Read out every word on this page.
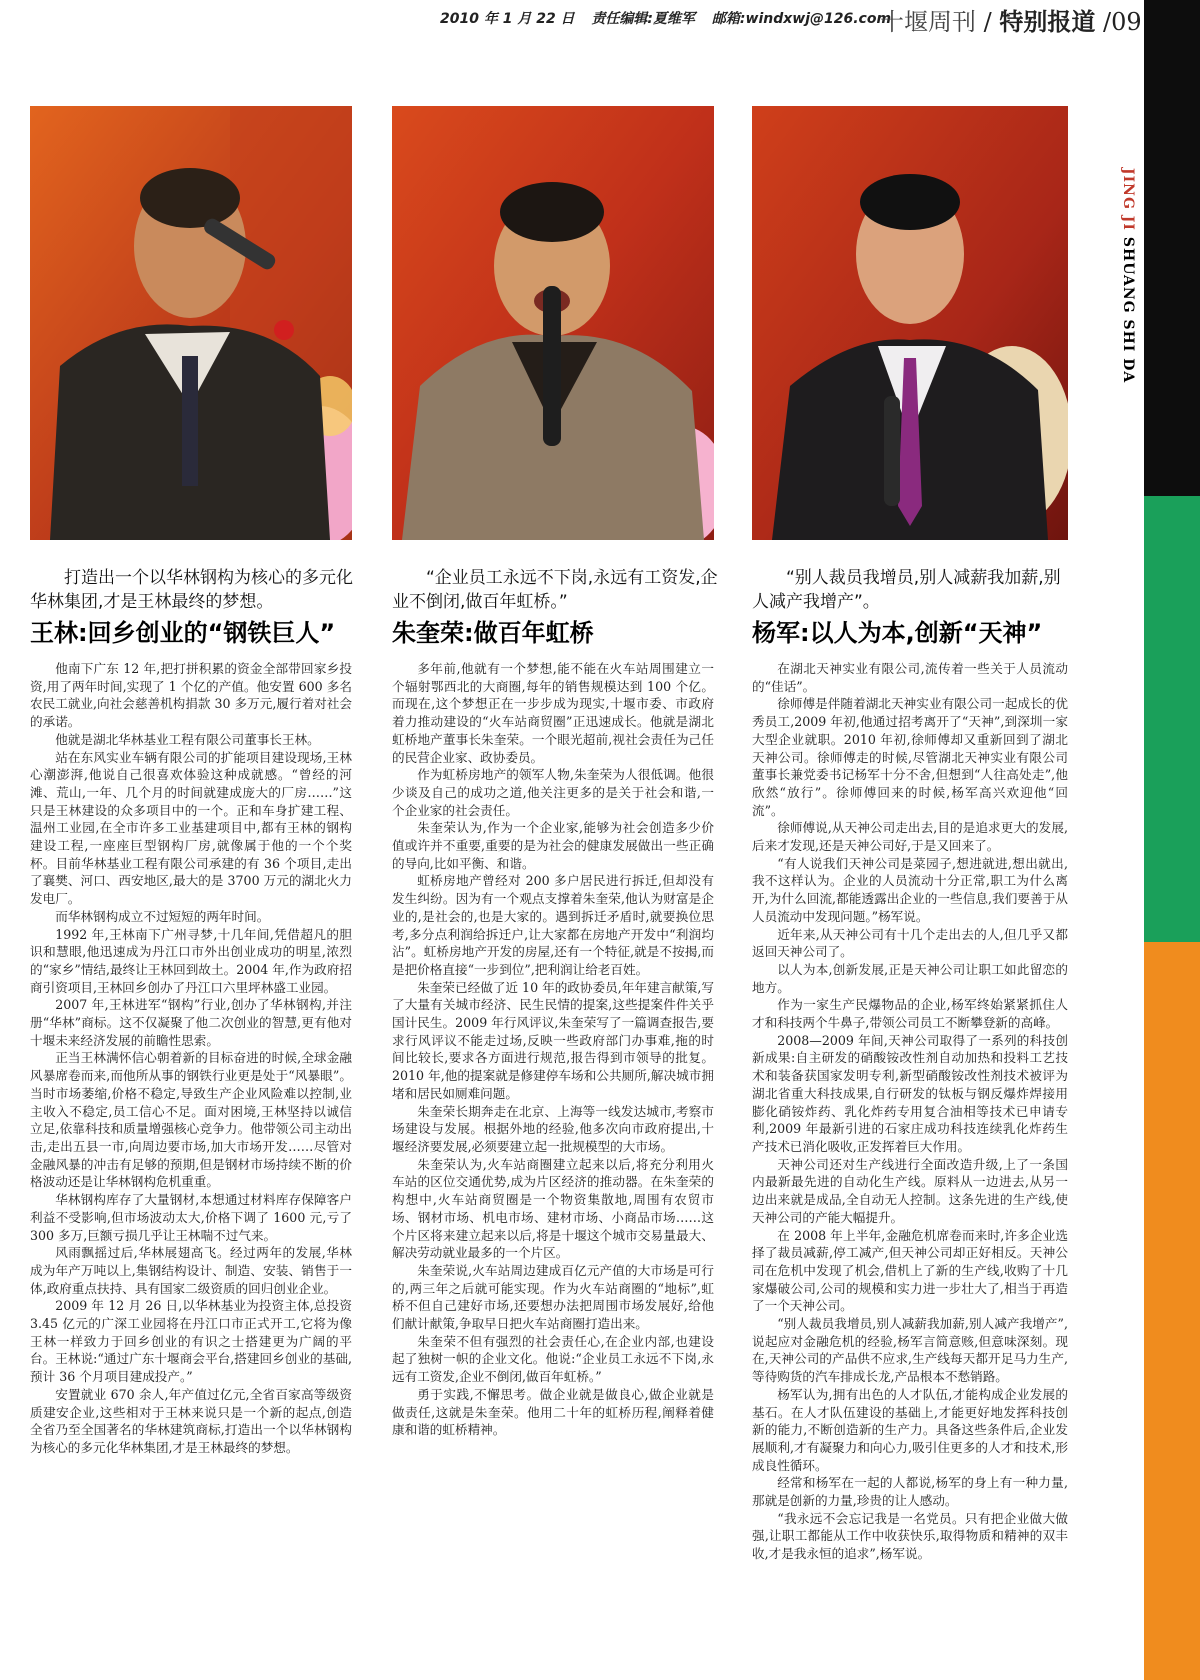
2010 年 1 月 22 日 责任编辑:夏维军 邮箱:windxwj@126.com
十堰周刊 / 特别报道 /09
JING JI SHUANG SHI DA

打造出一个以华林钢构为核心的多元化华林集团,才是王林最终的梦想。

王林:回乡创业的“钢铁巨人”

“企业员工永远不下岗,永远有工资发,企业不倒闭,做百年虹桥。”

朱奎荣:做百年虹桥

“别人裁员我增员,别人减薪我加薪,别人减产我增产”。

杨军:以人为本,创新“天神”

他南下广东 12 年,把打拼积累的资金全部带回家乡投资,用了两年时间,实现了 1 个亿的产值。他安置 600 多名农民工就业,向社会慈善机构捐款 30 多万元,履行着对社会的承诺。

他就是湖北华林基业工程有限公司董事长王林。

站在东风实业车辆有限公司的扩能项目建设现场,王林心潮澎湃,他说自己很喜欢体验这种成就感。“曾经的河滩、荒山,一年、几个月的时间就建成庞大的厂房……”这只是王林建设的众多项目中的一个。正和车身扩建工程、温州工业园,在全市许多工业基建项目中,都有王林的钢构建设工程,一座座巨型钢构厂房,就像属于他的一个个奖杯。目前华林基业工程有限公司承建的有 36 个项目,走出了襄樊、河口、西安地区,最大的是 3700 万元的湖北火力发电厂。

而华林钢构成立不过短短的两年时间。

1992 年,王林南下广州寻梦,十几年间,凭借超凡的胆识和慧眼,他迅速成为丹江口市外出创业成功的明星,浓烈的“家乡”情结,最终让王林回到故土。2004 年,作为政府招商引资项目,王林回乡创办了丹江口六里坪林盛工业园。

2007 年,王林进军“钢构”行业,创办了华林钢构,并注册“华林”商标。这不仅凝聚了他二次创业的智慧,更有他对十堰未来经济发展的前瞻性思索。

正当王林满怀信心朝着新的目标奋进的时候,全球金融风暴席卷而来,而他所从事的钢铁行业更是处于“风暴眼”。当时市场萎缩,价格不稳定,导致生产企业风险难以控制,业主收入不稳定,员工信心不足。面对困境,王林坚持以诚信立足,依靠科技和质量增强核心竞争力。他带领公司主动出击,走出五县一市,向周边要市场,加大市场开发……尽管对金融风暴的冲击有足够的预期,但是钢材市场持续不断的价格波动还是让华林钢构危机重重。

华林钢构库存了大量钢材,本想通过材料库存保障客户利益不受影响,但市场波动太大,价格下调了 1600 元,亏了 300 多万,巨额亏损几乎让王林喘不过气来。

风雨飘摇过后,华林展翅高飞。经过两年的发展,华林成为年产万吨以上,集钢结构设计、制造、安装、销售于一体,政府重点扶持、具有国家二级资质的回归创业企业。

2009 年 12 月 26 日,以华林基业为投资主体,总投资 3.45 亿元的广深工业园将在丹江口市正式开工,它将为像王林一样致力于回乡创业的有识之士搭建更为广阔的平台。王林说:“通过广东十堰商会平台,搭建回乡创业的基础,预计 36 个月项目建成投产。”

安置就业 670 余人,年产值过亿元,全省百家高等级资质建安企业,这些相对于王林来说只是一个新的起点,创造全省乃至全国著名的华林建筑商标,打造出一个以华林钢构为核心的多元化华林集团,才是王林最终的梦想。

多年前,他就有一个梦想,能不能在火车站周围建立一个辐射鄂西北的大商圈,每年的销售规模达到 100 个亿。而现在,这个梦想正在一步步成为现实,十堰市委、市政府着力推动建设的“火车站商贸圈”正迅速成长。他就是湖北虹桥地产董事长朱奎荣。一个眼光超前,视社会责任为己任的民营企业家、政协委员。

作为虹桥房地产的领军人物,朱奎荣为人很低调。他很少谈及自己的成功之道,他关注更多的是关于社会和谐,一个企业家的社会责任。

朱奎荣认为,作为一个企业家,能够为社会创造多少价值或许并不重要,重要的是为社会的健康发展做出一些正确的导向,比如平衡、和谐。

虹桥房地产曾经对 200 多户居民进行拆迁,但却没有发生纠纷。因为有一个观点支撑着朱奎荣,他认为财富是企业的,是社会的,也是大家的。遇到拆迁矛盾时,就要换位思考,多分点利润给拆迁户,让大家都在房地产开发中“利润均沾”。虹桥房地产开发的房屋,还有一个特征,就是不按揭,而是把价格直接“一步到位”,把利润让给老百姓。

朱奎荣已经做了近 10 年的政协委员,年年建言献策,写了大量有关城市经济、民生民情的提案,这些提案件件关乎国计民生。2009 年行风评议,朱奎荣写了一篇调查报告,要求行风评议不能走过场,反映一些政府部门办事难,拖的时间比较长,要求各方面进行规范,报告得到市领导的批复。2010 年,他的提案就是修建停车场和公共厕所,解决城市拥堵和居民如厕难问题。

朱奎荣长期奔走在北京、上海等一线发达城市,考察市场建设与发展。根据外地的经验,他多次向市政府提出,十堰经济要发展,必须要建立起一批规模型的大市场。

朱奎荣认为,火车站商圈建立起来以后,将充分利用火车站的区位交通优势,成为片区经济的推动器。在朱奎荣的构想中,火车站商贸圈是一个物资集散地,周围有农贸市场、钢材市场、机电市场、建材市场、小商品市场……这个片区将来建立起来以后,将是十堰这个城市交易量最大、解决劳动就业最多的一个片区。

朱奎荣说,火车站周边建成百亿元产值的大市场是可行的,两三年之后就可能实现。作为火车站商圈的“地标”,虹桥不但自己建好市场,还要想办法把周围市场发展好,给他们献计献策,争取早日把火车站商圈打造出来。

朱奎荣不但有强烈的社会责任心,在企业内部,也建设起了独树一帜的企业文化。他说:“企业员工永远不下岗,永远有工资发,企业不倒闭,做百年虹桥。”

勇于实践,不懈思考。做企业就是做良心,做企业就是做责任,这就是朱奎荣。他用二十年的虹桥历程,阐释着健康和谐的虹桥精神。

在湖北天神实业有限公司,流传着一些关于人员流动的“佳话”。

徐师傅是伴随着湖北天神实业有限公司一起成长的优秀员工,2009 年初,他通过招考离开了“天神”,到深圳一家大型企业就职。2010 年初,徐师傅却又重新回到了湖北天神公司。徐师傅走的时候,尽管湖北天神实业有限公司董事长兼党委书记杨军十分不舍,但想到“人往高处走”,他欣然“放行”。徐师傅回来的时候,杨军高兴欢迎他“回流”。

徐师傅说,从天神公司走出去,目的是追求更大的发展,后来才发现,还是天神公司好,于是又回来了。

“有人说我们天神公司是菜园子,想进就进,想出就出,我不这样认为。企业的人员流动十分正常,职工为什么离开,为什么回流,都能透露出企业的一些信息,我们要善于从人员流动中发现问题。”杨军说。

近年来,从天神公司有十几个走出去的人,但几乎又都返回天神公司了。

以人为本,创新发展,正是天神公司让职工如此留恋的地方。

作为一家生产民爆物品的企业,杨军终始紧紧抓住人才和科技两个牛鼻子,带领公司员工不断攀登新的高峰。

2008—2009 年间,天神公司取得了一系列的科技创新成果:自主研发的硝酸铵改性剂自动加热和投料工艺技术和装备获国家发明专利,新型硝酸铵改性剂技术被评为湖北省重大科技成果,自行研发的钛板与钢反爆炸焊接用膨化硝铵炸药、乳化炸药专用复合油相等技术已申请专利,2009 年最新引进的石家庄成功科技连续乳化炸药生产技术已消化吸收,正发挥着巨大作用。

天神公司还对生产线进行全面改造升级,上了一条国内最新最先进的自动化生产线。原料从一边进去,从另一边出来就是成品,全自动无人控制。这条先进的生产线,使天神公司的产能大幅提升。

在 2008 年上半年,金融危机席卷而来时,许多企业选择了裁员减薪,停工减产,但天神公司却正好相反。天神公司在危机中发现了机会,借机上了新的生产线,收购了十几家爆破公司,公司的规模和实力进一步壮大了,相当于再造了一个天神公司。

“别人裁员我增员,别人减薪我加薪,别人减产我增产”,说起应对金融危机的经验,杨军言简意赅,但意味深刻。现在,天神公司的产品供不应求,生产线每天都开足马力生产,等待购货的汽车排成长龙,产品根本不愁销路。

杨军认为,拥有出色的人才队伍,才能构成企业发展的基石。在人才队伍建设的基础上,才能更好地发挥科技创新的能力,不断创造新的生产力。具备这些条件后,企业发展顺利,才有凝聚力和向心力,吸引住更多的人才和技术,形成良性循环。

经常和杨军在一起的人都说,杨军的身上有一种力量,那就是创新的力量,珍贵的让人感动。

“我永远不会忘记我是一名党员。只有把企业做大做强,让职工都能从工作中收获快乐,取得物质和精神的双丰收,才是我永恒的追求”,杨军说。
